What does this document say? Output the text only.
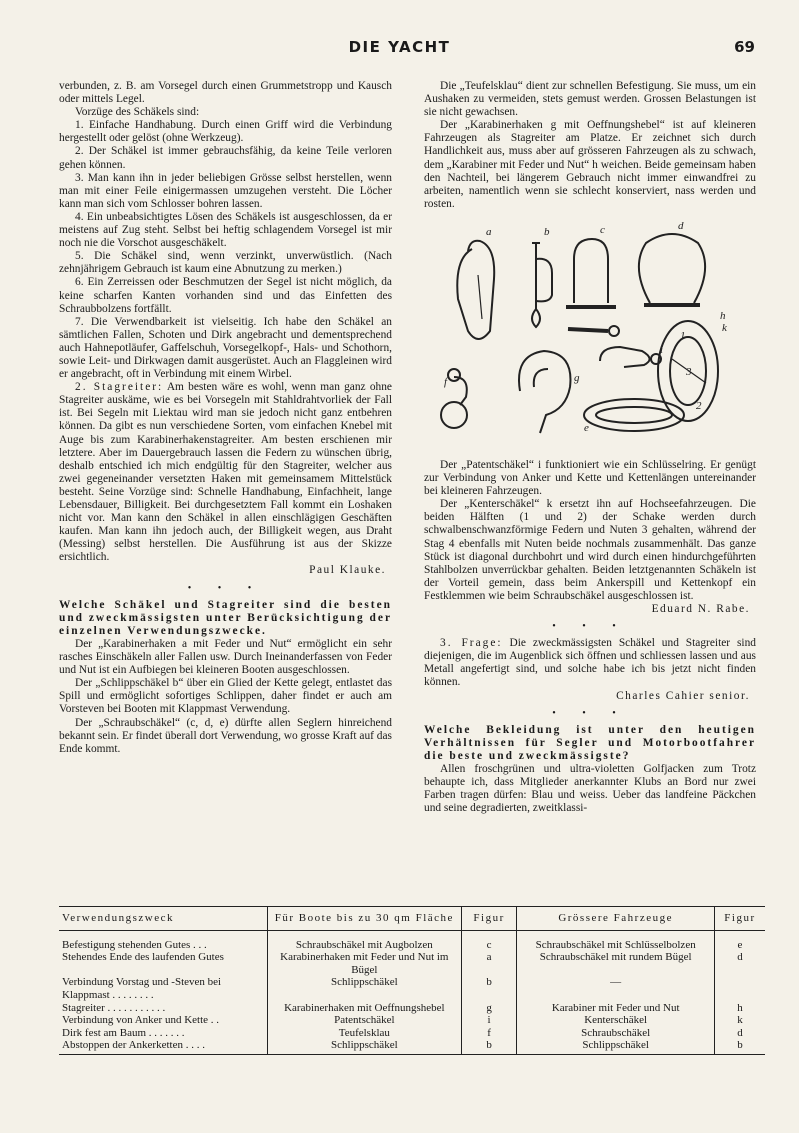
DIE YACHT	69

verbunden, z. B. am Vorsegel durch einen Grummetstropp und Kausch oder mittels Legel.

Vorzüge des Schäkels sind:

1. Einfache Handhabung. Durch einen Griff wird die Verbindung hergestellt oder gelöst (ohne Werkzeug).

2. Der Schäkel ist immer gebrauchsfähig, da keine Teile verloren gehen können.

3. Man kann ihn in jeder beliebigen Grösse selbst herstellen, wenn man mit einer Feile einigermassen umzugehen versteht. Die Löcher kann man sich vom Schlosser bohren lassen.

4. Ein unbeabsichtigtes Lösen des Schäkels ist ausgeschlossen, da er meistens auf Zug steht. Selbst bei heftig schlagendem Vorsegel ist mir noch nie die Vorschot ausgeschäkelt.

5. Die Schäkel sind, wenn verzinkt, unverwüstlich. (Nach zehnjährigem Gebrauch ist kaum eine Abnutzung zu merken.)

6. Ein Zerreissen oder Beschmutzen der Segel ist nicht möglich, da keine scharfen Kanten vorhanden sind und das Einfetten des Schraubbolzens fortfällt.

7. Die Verwendbarkeit ist vielseitig. Ich habe den Schäkel an sämtlichen Fallen, Schoten und Dirk angebracht und dementsprechend auch Hahnepotläufer, Gaffelschuh, Vorsegelkopf-, Hals- und Schothorn, sowie Leit- und Dirkwagen damit ausgerüstet. Auch an Flaggleinen wird er angebracht, oft in Verbindung mit einem Wirbel.

2. Stagreiter: Am besten wäre es wohl, wenn man ganz ohne Stagreiter auskäme, wie es bei Vorsegeln mit Stahldrahtvorliek der Fall ist. Bei Segeln mit Liektau wird man sie jedoch nicht ganz entbehren können. Da gibt es nun verschiedene Sorten, vom einfachen Knebel mit Auge bis zum Karabinerhakenstagreiter. Am besten erschienen mir letztere. Aber im Dauergebrauch lassen die Federn zu wünschen übrig, deshalb entschied ich mich endgültig für den Stagreiter, welcher aus zwei gegeneinander versetzten Haken mit gemeinsamem Mittelstück besteht. Seine Vorzüge sind: Schnelle Handhabung, Einfachheit, lange Lebensdauer, Billigkeit. Bei durchgesetztem Fall kommt ein Loshaken nicht vor. Man kann den Schäkel in allen einschlägigen Geschäften kaufen. Man kann ihn jedoch auch, der Billigkeit wegen, aus Draht (Messing) selbst herstellen. Die Ausführung ist aus der Skizze ersichtlich.

Paul Klauke.

• • •

Welche Schäkel und Stagreiter sind die besten und zweckmässigsten unter Berücksichtigung der einzelnen Verwendungszwecke.

Der „Karabinerhaken a mit Feder und Nut“ ermöglicht ein sehr rasches Einschäkeln aller Fallen usw. Durch Ineinanderfassen von Feder und Nut ist ein Aufbiegen bei kleineren Booten ausgeschlossen.

Der „Schlippschäkel b“ über ein Glied der Kette gelegt, entlastet das Spill und ermöglicht sofortiges Schlippen, daher findet er auch am Vorsteven bei Booten mit Klappmast Verwendung.

Der „Schraubschäkel“ (c, d, e) dürfte allen Seglern hinreichend bekannt sein. Er findet überall dort Verwendung, wo grosse Kraft auf das Ende kommt.

Die „Teufelsklau“ dient zur schnellen Befestigung. Sie muss, um ein Aushaken zu vermeiden, stets gemust werden. Grossen Belastungen ist sie nicht gewachsen.

Der „Karabinerhaken g mit Oeffnungshebel“ ist auf kleineren Fahrzeugen als Stagreiter am Platze. Er zeichnet sich durch Handlichkeit aus, muss aber auf grösseren Fahrzeugen als zu schwach, dem „Karabiner mit Feder und Nut“ h weichen. Beide gemeinsam haben den Nachteil, bei längerem Gebrauch nicht immer einwandfrei zu arbeiten, namentlich wenn sie schlecht konserviert, nass werden und rosten.

a	b	c	d
e
f	g
h
i
k
1
2
3

Der „Patentschäkel“ i funktioniert wie ein Schlüsselring. Er genügt zur Verbindung von Anker und Kette und Kettenlängen untereinander bei kleineren Fahrzeugen.

Der „Kenterschäkel“ k ersetzt ihn auf Hochseefahrzeugen. Die beiden Hälften (1 und 2) der Schake werden durch schwalbenschwanzförmige Federn und Nuten 3 gehalten, während der Stag 4 ebenfalls mit Nuten beide nochmals zusammenhält. Das ganze Stück ist diagonal durchbohrt und wird durch einen hindurchgeführten Stahlbolzen unverrückbar gehalten. Beiden letztgenannten Schäkeln ist der Vorteil gemein, dass beim Ankerspill und Kettenkopf ein Festklemmen wie beim Schraubschäkel ausgeschlossen ist.

Eduard N. Rabe.

• • •

3. Frage: Die zweckmässigsten Schäkel und Stagreiter sind diejenigen, die im Augenblick sich öffnen und schliessen lassen und aus Metall angefertigt sind, und solche habe ich bis jetzt nicht finden können.

Charles Cahier senior.

• • •

Welche Bekleidung ist unter den heutigen Verhältnissen für Segler und Motorbootfahrer die beste und zweckmässigste?

Allen froschgrünen und ultra-violetten Golfjacken zum Trotz behaupte ich, dass Mitglieder anerkannter Klubs an Bord nur zwei Farben tragen dürfen: Blau und weiss. Ueber das landfeine Päckchen und seine degradierten, zweitklassi-

Verwendungszweck	Für Boote bis zu 30 qm Fläche	Figur	Grössere Fahrzeuge	Figur
Befestigung stehenden Gutes . . .	Schraubschäkel mit Augbolzen	c	Schraubschäkel mit Schlüsselbolzen	e
Stehendes Ende des laufenden Gutes	Karabinerhaken mit Feder und Nut im Bügel	a	Schraubschäkel mit rundem Bügel	d
Verbindung Vorstag und -Steven bei Klappmast . . . . . . . .	Schlippschäkel	b	—	
Stagreiter . . . . . . . . . . .	Karabinerhaken mit Oeffnungshebel	g	Karabiner mit Feder und Nut	h
Verbindung von Anker und Kette . .	Patentschäkel	i	Kenterschäkel	k
Dirk fest am Baum . . . . . . .	Teufelsklau	f	Schraubschäkel	d
Abstoppen der Ankerketten . . . .	Schlippschäkel	b	Schlippschäkel	b
